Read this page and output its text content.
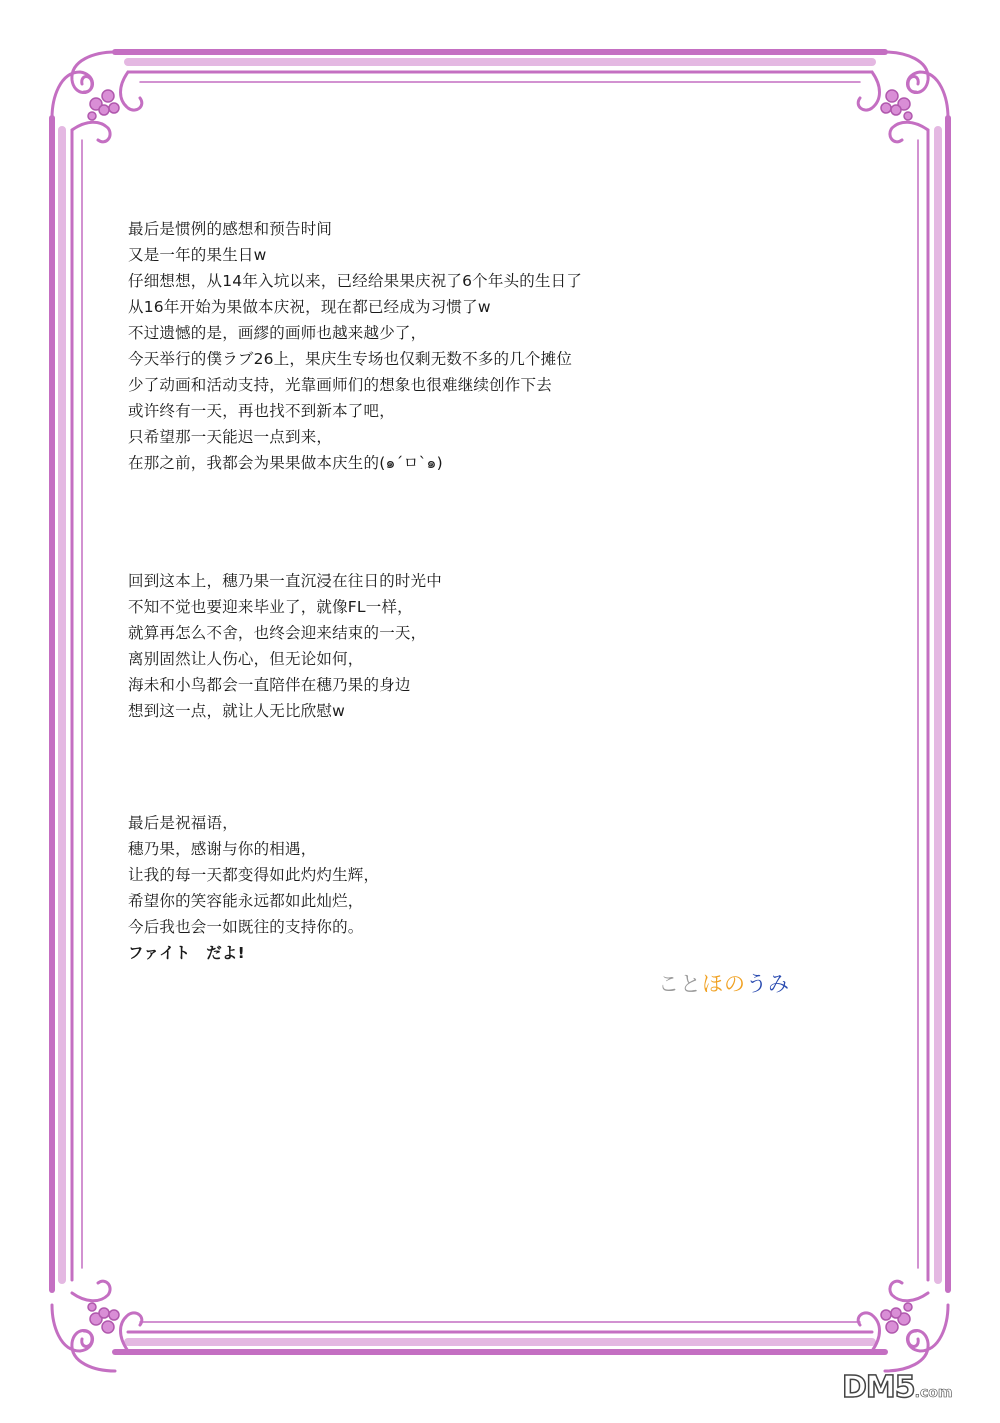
最后是惯例的感想和预告时间
又是一年的果生日w
仔细想想，从14年入坑以来，已经给果果庆祝了6个年头的生日了
从16年开始为果做本庆祝，现在都已经成为习惯了w
不过遗憾的是，画繆的画师也越来越少了，
今天举行的僕ラブ26上，果庆生专场也仅剩无数不多的几个摊位
少了动画和活动支持，光靠画师们的想象也很难继续创作下去
或许终有一天，再也找不到新本了吧，
只希望那一天能迟一点到来，
在那之前，我都会为果果做本庆生的(๑´ㅁ`๑)
回到这本上，穗乃果一直沉浸在往日的时光中
不知不觉也要迎来毕业了，就像FL一样，
就算再怎么不舍，也终会迎来结束的一天，
离别固然让人伤心，但无论如何，
海未和小鸟都会一直陪伴在穗乃果的身边
想到这一点，就让人无比欣慰w
最后是祝福语，
穗乃果，感谢与你的相遇，
让我的每一天都变得如此灼灼生辉，
希望你的笑容能永远都如此灿烂，
今后我也会一如既往的支持你的。
ファイト　だよ!
ことほのうみ
DM5.com
